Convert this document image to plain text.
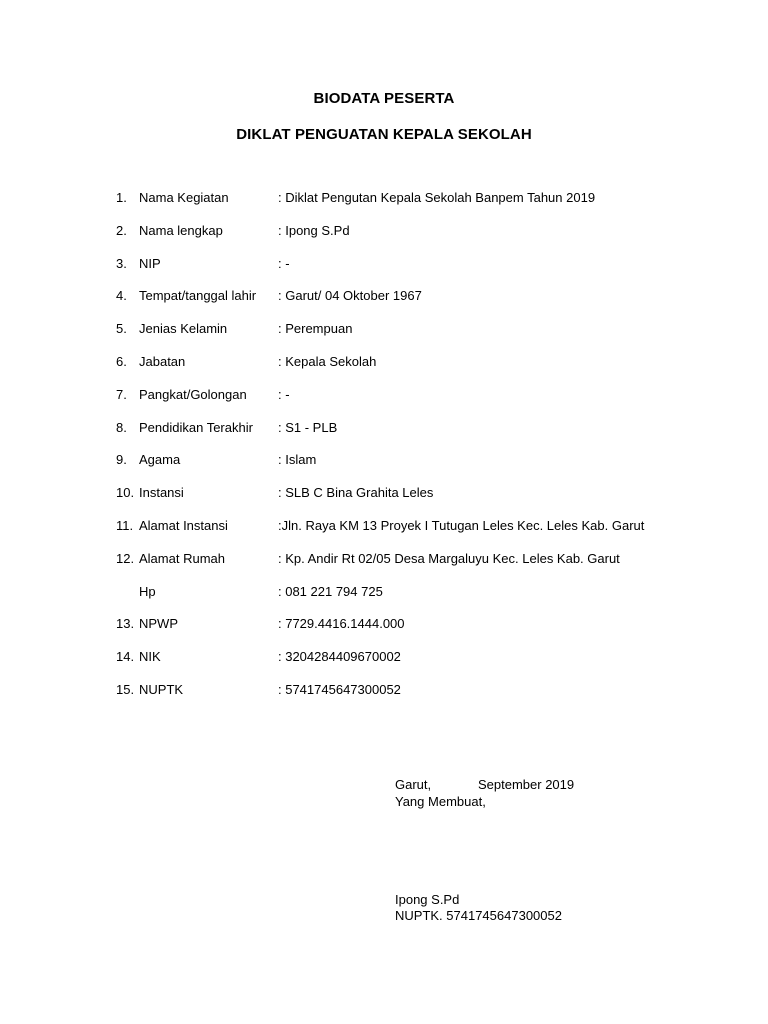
BIODATA PESERTA
DIKLAT PENGUATAN KEPALA SEKOLAH
1. Nama Kegiatan	: Diklat Pengutan Kepala Sekolah Banpem Tahun 2019
2. Nama lengkap	: Ipong S.Pd
3. NIP	: -
4. Tempat/tanggal lahir : Garut/ 04 Oktober 1967
5. Jenias Kelamin	: Perempuan
6. Jabatan	: Kepala Sekolah
7. Pangkat/Golongan : -
8. Pendidikan Terakhir : S1 - PLB
9. Agama	: Islam
10. Instansi	: SLB C Bina Grahita Leles
11. Alamat Instansi	:Jln. Raya KM 13 Proyek I Tutugan Leles Kec. Leles Kab. Garut
12. Alamat Rumah	: Kp. Andir Rt 02/05 Desa Margaluyu Kec. Leles Kab. Garut
Hp	: 081 221 794 725
13. NPWP	: 7729.4416.1444.000
14. NIK	: 3204284409670002
15. NUPTK	: 5741745647300052
Garut,	September 2019
Yang Membuat,
Ipong S.Pd
NUPTK. 5741745647300052
